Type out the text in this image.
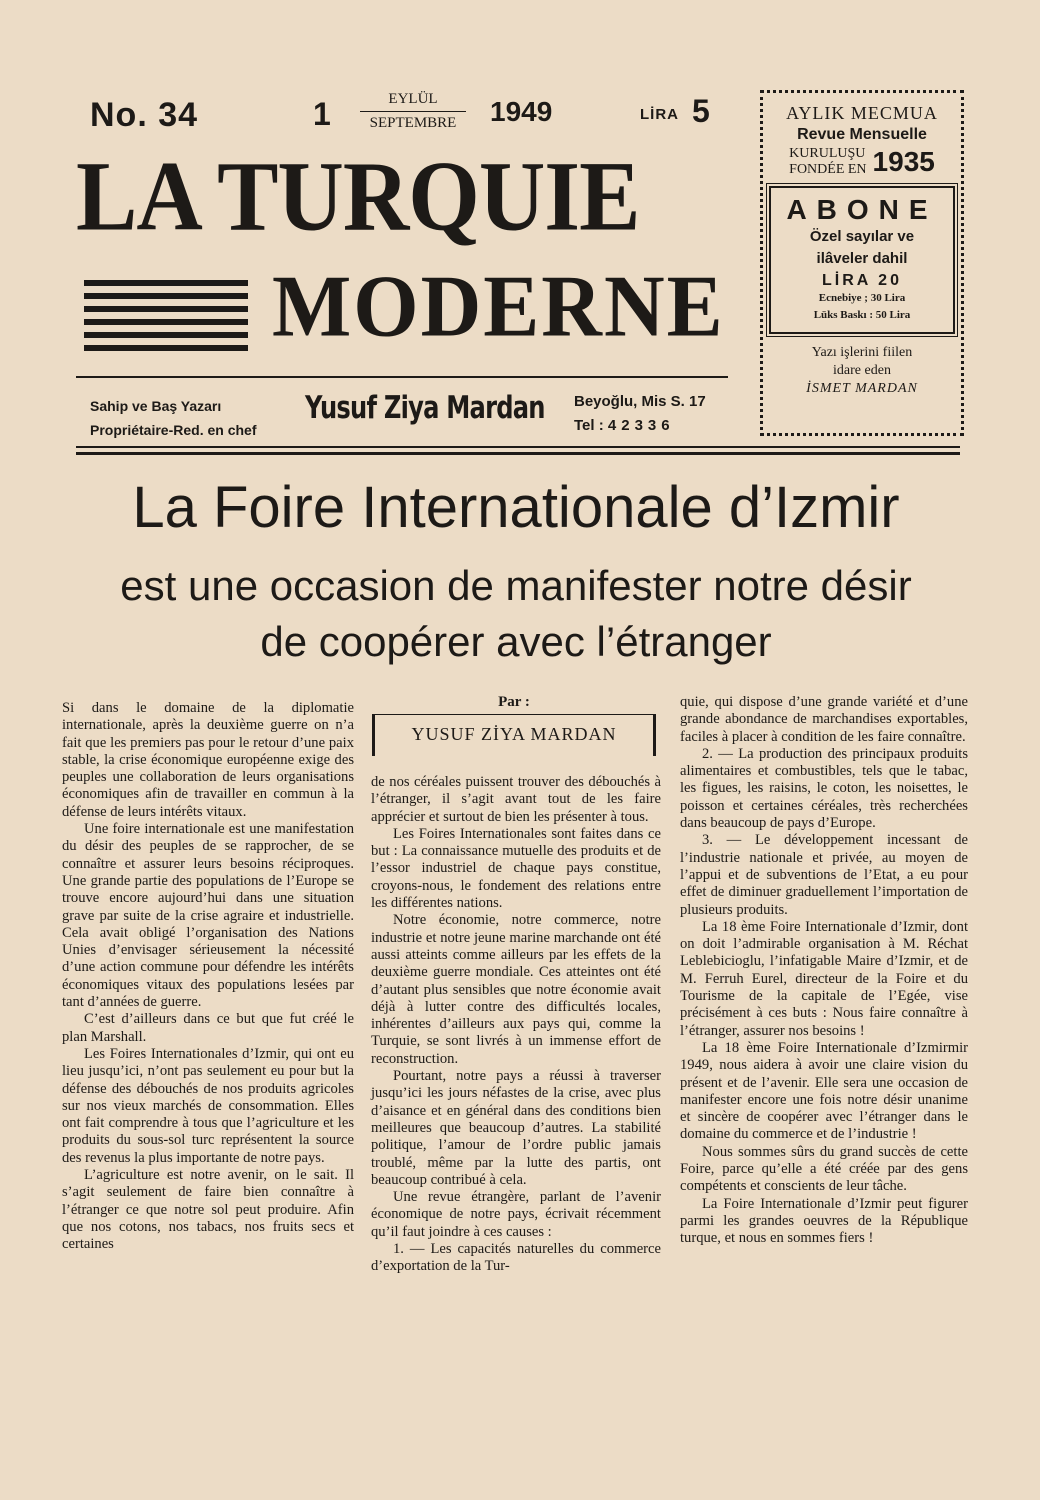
No. 34	1	EYLÜL
SEPTEMBRE	1949	LİRA 5
LA TURQUIE
MODERNE
Sahip ve Baş Yazarı
Propriétaire-Red. en chef
Yusuf Ziya Mardan Beyoğlu, Mis S. 17
Tel : 42336
AYLIK MECMUA
Revue Mensuelle
KURULUŞU
FONDÉE EN 1935
ABONE
Özel sayılar ve
ilâveler dahil
LİRA 20
Ecnebiye ; 30 Lira
Lüks Baskı : 50 Lira
Yazı işlerini fiilen
idare eden
İSMET MARDAN
La Foire Internationale d’Izmir
est une occasion de manifester notre désir
de coopérer avec l’étranger
Par :
YUSUF ZİYA MARDAN

Si dans le domaine de la diplomatie internationale, après la deuxième guerre on n’a fait que les premiers pas pour le retour d’une paix stable, la crise économique européenne exige des peuples une collaboration de leurs organisations économiques afin de travailler en commun à la défense de leurs intérêts vitaux.

Une foire internationale est une manifestation du désir des peuples de se rapprocher, de se connaître et assurer leurs besoins réciproques. Une grande partie des populations de l’Europe se trouve encore aujourd’hui dans une situation grave par suite de la crise agraire et industrielle. Cela avait obligé l’organisation des Nations Unies d’envisager sérieusement la nécessité d’une action commune pour défendre les intérêts économiques vitaux des populations lesées par tant d’années de guerre.

C’est d’ailleurs dans ce but que fut créé le plan Marshall.

Les Foires Internationales d’Izmir, qui ont eu lieu jusqu’ici, n’ont pas seulement eu pour but la défense des débouchés de nos produits agricoles sur nos vieux marchés de consommation. Elles ont fait comprendre à tous que l’agriculture et les produits du sous-sol turc représentent la source des revenus la plus importante de notre pays.

L’agriculture est notre avenir, on le sait. Il s’agit seulement de faire bien connaître à l’étranger ce que notre sol peut produire. Afin que nos cotons, nos tabacs, nos fruits secs et certaines

de nos céréales puissent trouver des débouchés à l’étranger, il s’agit avant tout de les faire apprécier et surtout de bien les présenter à tous.

Les Foires Internationales sont faites dans ce but : La connaissance mutuelle des produits et de l’essor industriel de chaque pays constitue, croyons-nous, le fondement des relations entre les différentes nations.

Notre économie, notre commerce, notre industrie et notre jeune marine marchande ont été aussi atteints comme ailleurs par les effets de la deuxième guerre mondiale. Ces atteintes ont été d’autant plus sensibles que notre économie avait déjà à lutter contre des difficultés locales, inhérentes d’ailleurs aux pays qui, comme la Turquie, se sont livrés à un immense effort de reconstruction.

Pourtant, notre pays a réussi à traverser jusqu’ici les jours néfastes de la crise, avec plus d’aisance et en général dans des conditions bien meilleures que beaucoup d’autres. La stabilité politique, l’amour de l’ordre public jamais troublé, même par la lutte des partis, ont beaucoup contribué à cela.

Une revue étrangère, parlant de l’avenir économique de notre pays, écrivait récemment qu’il faut joindre à ces causes :

1. — Les capacités naturelles du commerce d’exportation de la Tur-

quie, qui dispose d’une grande variété et d’une grande abondance de marchandises exportables, faciles à placer à condition de les faire connaître.

2. — La production des principaux produits alimentaires et combustibles, tels que le tabac, les figues, les raisins, le coton, les noisettes, le poisson et certaines céréales, très recherchées dans beaucoup de pays d’Europe.

3. — Le développement incessant de l’industrie nationale et privée, au moyen de l’appui et de subventions de l’Etat, a eu pour effet de diminuer graduellement l’importation de plusieurs produits.

La 18 ème Foire Internationale d’Izmir, dont on doit l’admirable organisation à M. Réchat Leblebicioglu, l’infatigable Maire d’Izmir, et de M. Ferruh Eurel, directeur de la Foire et du Tourisme de la capitale de l’Egée, vise précisément à ces buts : Nous faire connaître à l’étranger, assurer nos besoins !

La 18 ème Foire Internationale d’Izmirmir 1949, nous aidera à avoir une claire vision du présent et de l’avenir. Elle sera une occasion de manifester encore une fois notre désir unanime et sincère de coopérer avec l’étranger dans le domaine du commerce et de l’industrie !

Nous sommes sûrs du grand succès de cette Foire, parce qu’elle a été créée par des gens compétents et conscients de leur tâche.

La Foire Internationale d’Izmir peut figurer parmi les grandes oeuvres de la République turque, et nous en sommes fiers !
